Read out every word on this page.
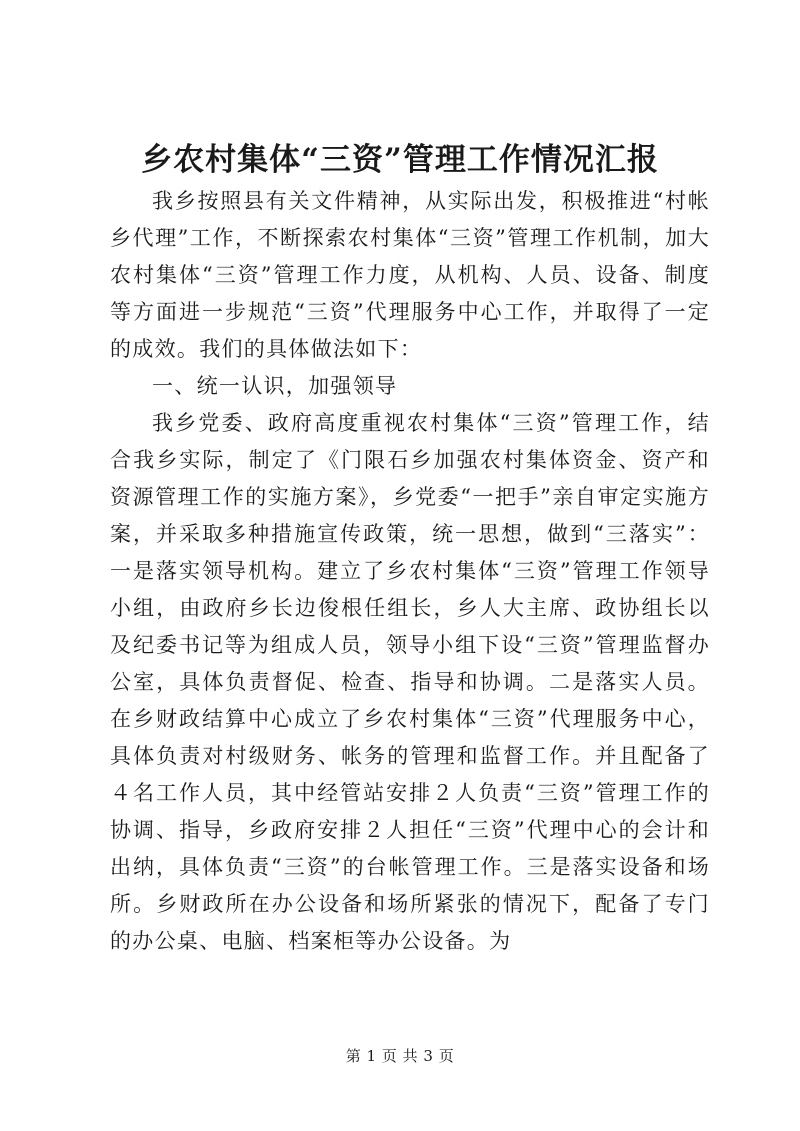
乡农村集体“三资”管理工作情况汇报

我乡按照县有关文件精神，从实际出发，积极推进“村帐乡代理”工作，不断探索农村集体“三资”管理工作机制，加大农村集体“三资”管理工作力度，从机构、人员、设备、制度等方面进一步规范“三资”代理服务中心工作，并取得了一定的成效。我们的具体做法如下：

一、统一认识，加强领导

我乡党委、政府高度重视农村集体“三资”管理工作，结合我乡实际，制定了《门限石乡加强农村集体资金、资产和资源管理工作的实施方案》，乡党委“一把手”亲自审定实施方案，并采取多种措施宣传政策，统一思想，做到“三落实”：一是落实领导机构。建立了乡农村集体“三资”管理工作领导小组，由政府乡长边俊根任组长，乡人大主席、政协组长以及纪委书记等为组成人员，领导小组下设“三资”管理监督办公室，具体负责督促、检查、指导和协调。二是落实人员。在乡财政结算中心成立了乡农村集体“三资”代理服务中心，具体负责对村级财务、帐务的管理和监督工作。并且配备了４名工作人员，其中经管站安排２人负责“三资”管理工作的协调、指导，乡政府安排２人担任“三资”代理中心的会计和出纳，具体负责“三资”的台帐管理工作。三是落实设备和场所。乡财政所在办公设备和场所紧张的情况下，配备了专门的办公桌、电脑、档案柜等办公设备。为

第 1 页 共 3 页
